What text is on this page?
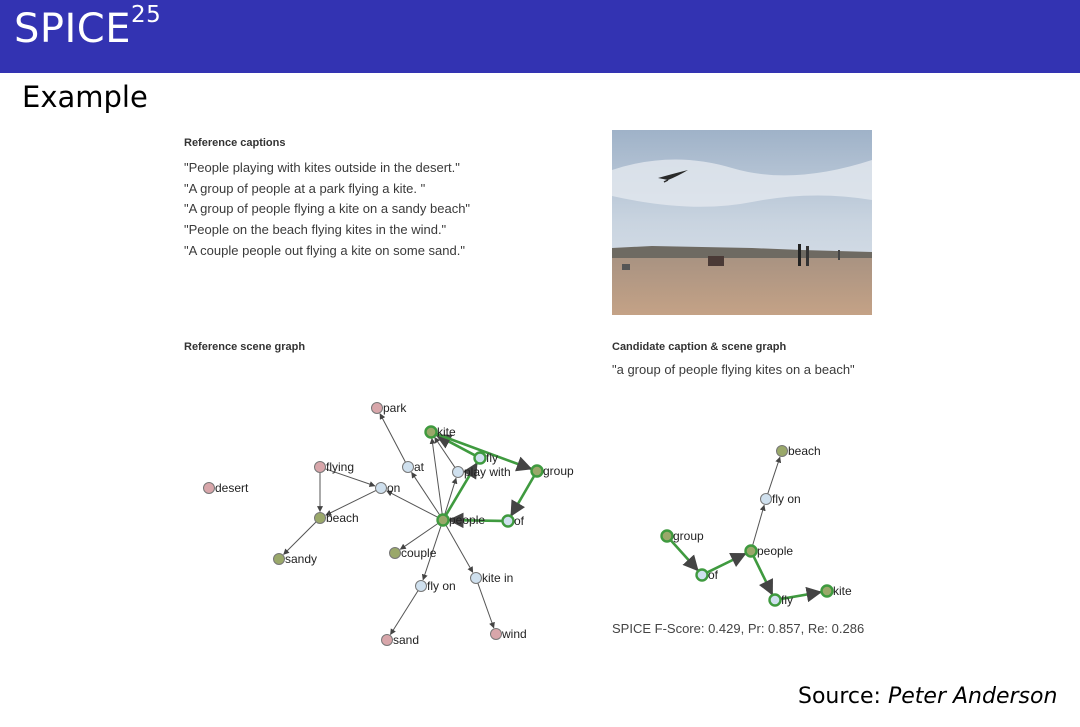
SPICE$^{25}$
Example
Reference captions
"People playing with kites outside in the desert."
"A group of people at a park flying a kite. "
"A group of people flying a kite on a sandy beach"
"People on the beach flying kites in the wind."
"A couple people out flying a kite on some sand."
Reference scene graph	Candidate caption & scene graph
"a group of people flying kites on a beach"
park
kite
fly
group
flying	at	play with
on
desert
beach	people of
couple
sandy
kite in
fly on
sand	wind
beach
fly on
group
people
of
fly
kite
SPICE F-Score: 0.429, Pr: 0.857, Re: 0.286
Source: Peter Anderson
